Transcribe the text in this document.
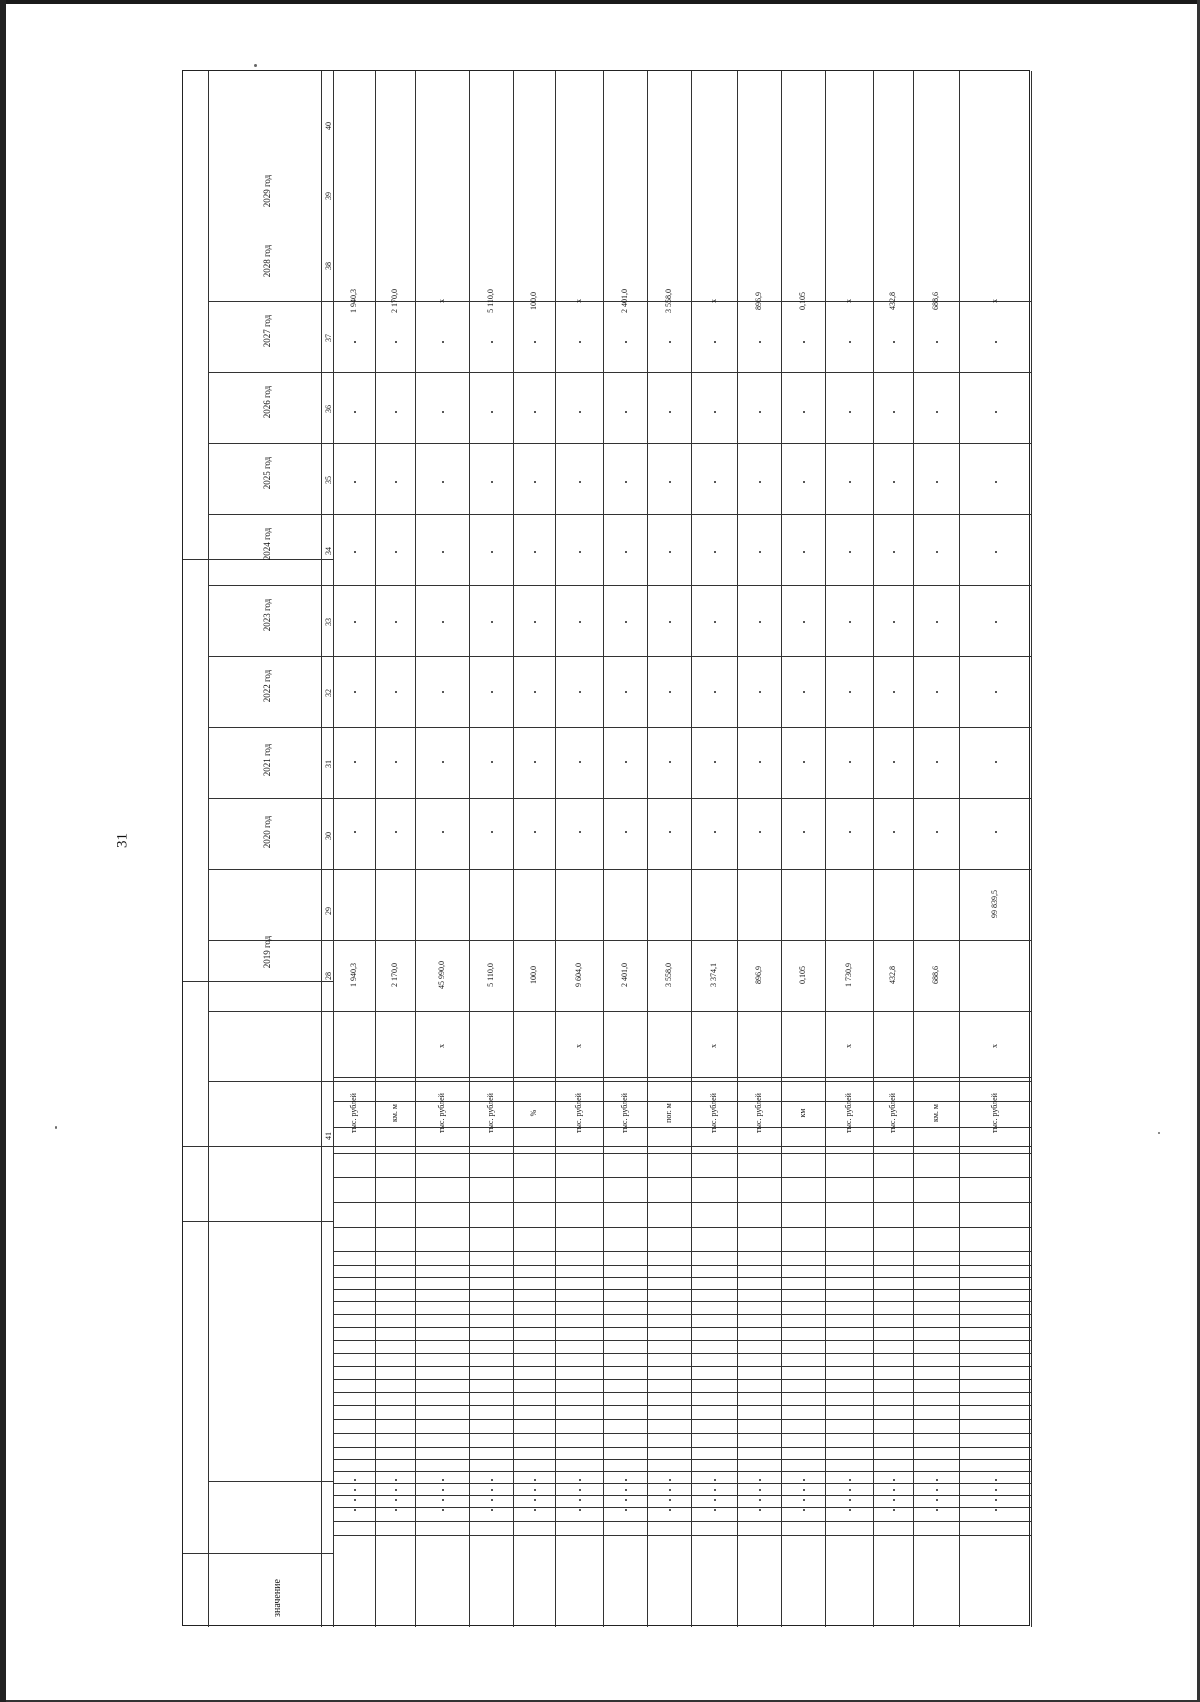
31
значение
2019 год
2020 год
2021 год
2022 год
2023 год
2024 год
2025 год
2026 год
2027 год
2028 год
2029 год
28
29
30
31
32
33
34
35
36
37
38
39
40
41
тыс. рублей
1 940,3
1 940,3
км. м
2 170,0
2 170,0
тыс. рублей
х
45 990,0
х
тыс. рублей
5 110,0
5 110,0
%
100,0
100,0
тыс. рублей
х
9 604,0
х
тыс. рублей
2 401,0
2 401,0
пог. м
3 558,0
3 558,0
тыс. рублей
х
3 374,1
х
тыс. рублей
896,9
896,9
км
0,105
0,105
тыс. рублей
х
1 730,9
х
тыс. рублей
432,8
432,8
км. м
688,6
688,6
тыс. рублей
х
99 839,5
х
